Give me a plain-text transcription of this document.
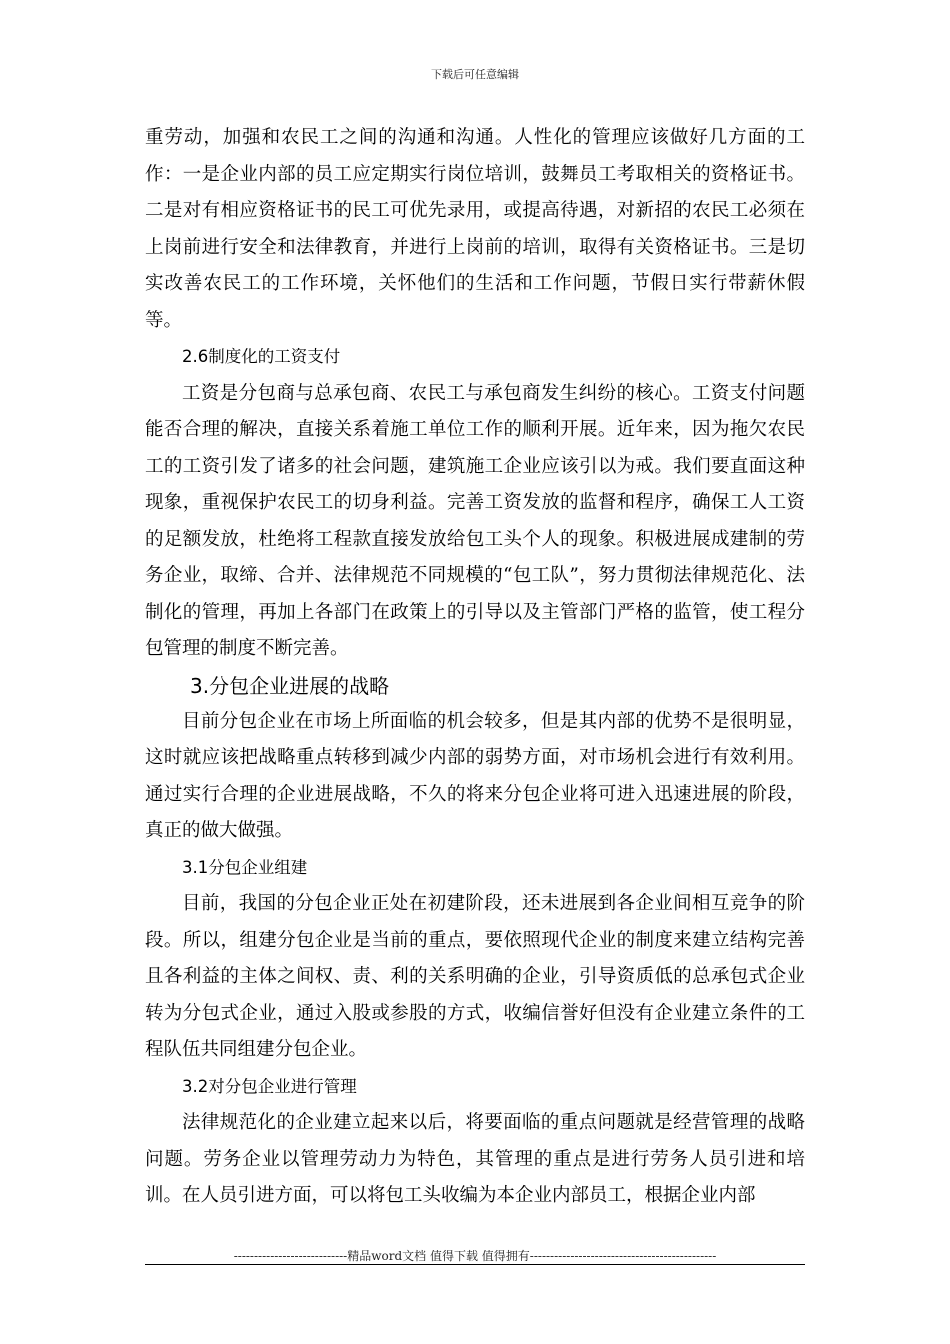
下载后可任意编辑

重劳动，加强和农民工之间的沟通和沟通。人性化的管理应该做好几方面的工作：一是企业内部的员工应定期实行岗位培训，鼓舞员工考取相关的资格证书。二是对有相应资格证书的民工可优先录用，或提高待遇，对新招的农民工必须在上岗前进行安全和法律教育，并进行上岗前的培训，取得有关资格证书。三是切实改善农民工的工作环境，关怀他们的生活和工作问题，节假日实行带薪休假等。

2.6制度化的工资支付

工资是分包商与总承包商、农民工与承包商发生纠纷的核心。工资支付问题能否合理的解决，直接关系着施工单位工作的顺利开展。近年来，因为拖欠农民工的工资引发了诸多的社会问题，建筑施工企业应该引以为戒。我们要直面这种现象，重视保护农民工的切身利益。完善工资发放的监督和程序，确保工人工资的足额发放，杜绝将工程款直接发放给包工头个人的现象。积极进展成建制的劳务企业，取缔、合并、法律规范不同规模的“包工队”，努力贯彻法律规范化、法制化的管理，再加上各部门在政策上的引导以及主管部门严格的监管，使工程分包管理的制度不断完善。

3.分包企业进展的战略

目前分包企业在市场上所面临的机会较多，但是其内部的优势不是很明显，这时就应该把战略重点转移到减少内部的弱势方面，对市场机会进行有效利用。通过实行合理的企业进展战略，不久的将来分包企业将可进入迅速进展的阶段，真正的做大做强。

3.1分包企业组建

目前，我国的分包企业正处在初建阶段，还未进展到各企业间相互竞争的阶段。所以，组建分包企业是当前的重点，要依照现代企业的制度来建立结构完善且各利益的主体之间权、责、利的关系明确的企业，引导资质低的总承包式企业转为分包式企业，通过入股或参股的方式，收编信誉好但没有企业建立条件的工程队伍共同组建分包企业。

3.2对分包企业进行管理

法律规范化的企业建立起来以后，将要面临的重点问题就是经营管理的战略问题。劳务企业以管理劳动力为特色，其管理的重点是进行劳务人员引进和培训。在人员引进方面，可以将包工头收编为本企业内部员工，根据企业内部

----------------------------精品word文档 值得下载 值得拥有----------------------------------------------
